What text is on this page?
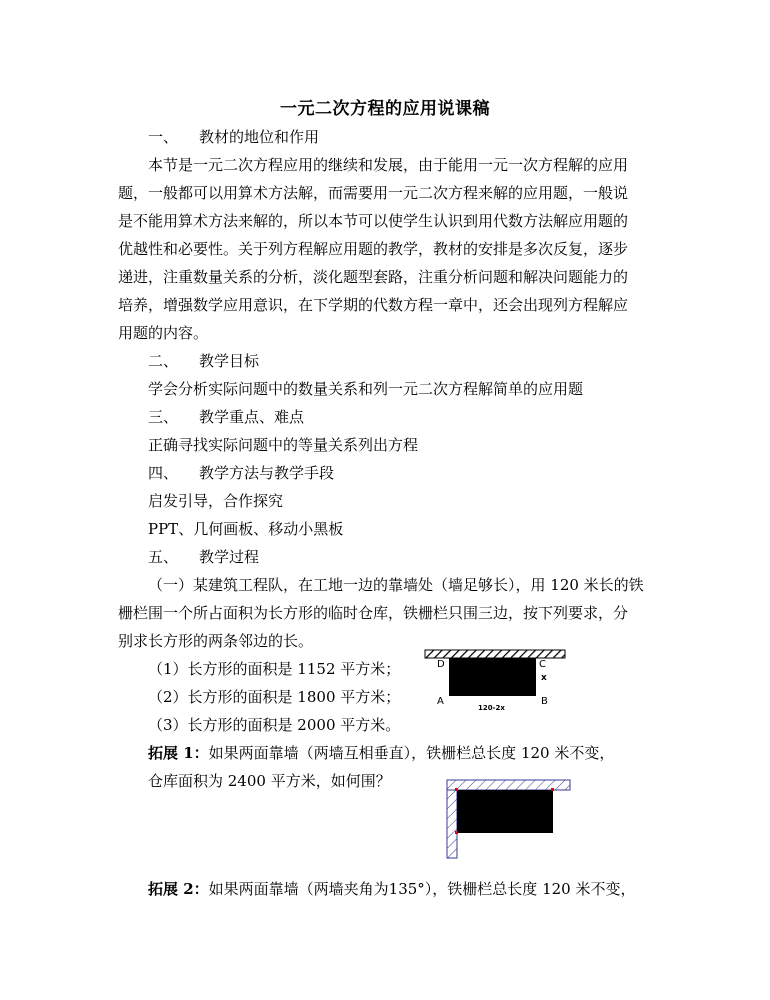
一元二次方程的应用说课稿
一、 教材的地位和作用
本节是一元二次方程应用的继续和发展，由于能用一元一次方程解的应用
题，一般都可以用算术方法解，而需要用一元二次方程来解的应用题，一般说
是不能用算术方法来解的，所以本节可以使学生认识到用代数方法解应用题的
优越性和必要性。关于列方程解应用题的教学，教材的安排是多次反复，逐步
递进，注重数量关系的分析，淡化题型套路，注重分析问题和解决问题能力的
培养，增强数学应用意识，在下学期的代数方程一章中，还会出现列方程解应
用题的内容。
二、 教学目标
学会分析实际问题中的数量关系和列一元二次方程解简单的应用题
三、 教学重点、难点
正确寻找实际问题中的等量关系列出方程
四、 教学方法与教学手段
启发引导，合作探究
PPT、几何画板、移动小黑板
五、 教学过程
（一）某建筑工程队，在工地一边的靠墙处（墙足够长），用 120 米长的铁
栅栏围一个所占面积为长方形的临时仓库，铁栅栏只围三边，按下列要求，分
别求长方形的两条邻边的长。
（1）长方形的面积是 1152 平方米；
（2）长方形的面积是 1800 平方米；
（3）长方形的面积是 2000 平方米。
D	C
x
A	B
120-2x
拓展 1：如果两面靠墙（两墙互相垂直），铁栅栏总长度 120 米不变，
仓库面积为 2400 平方米，如何围？
拓展 2：如果两面靠墙（两墙夹角为135°），铁栅栏总长度 120 米不变，
